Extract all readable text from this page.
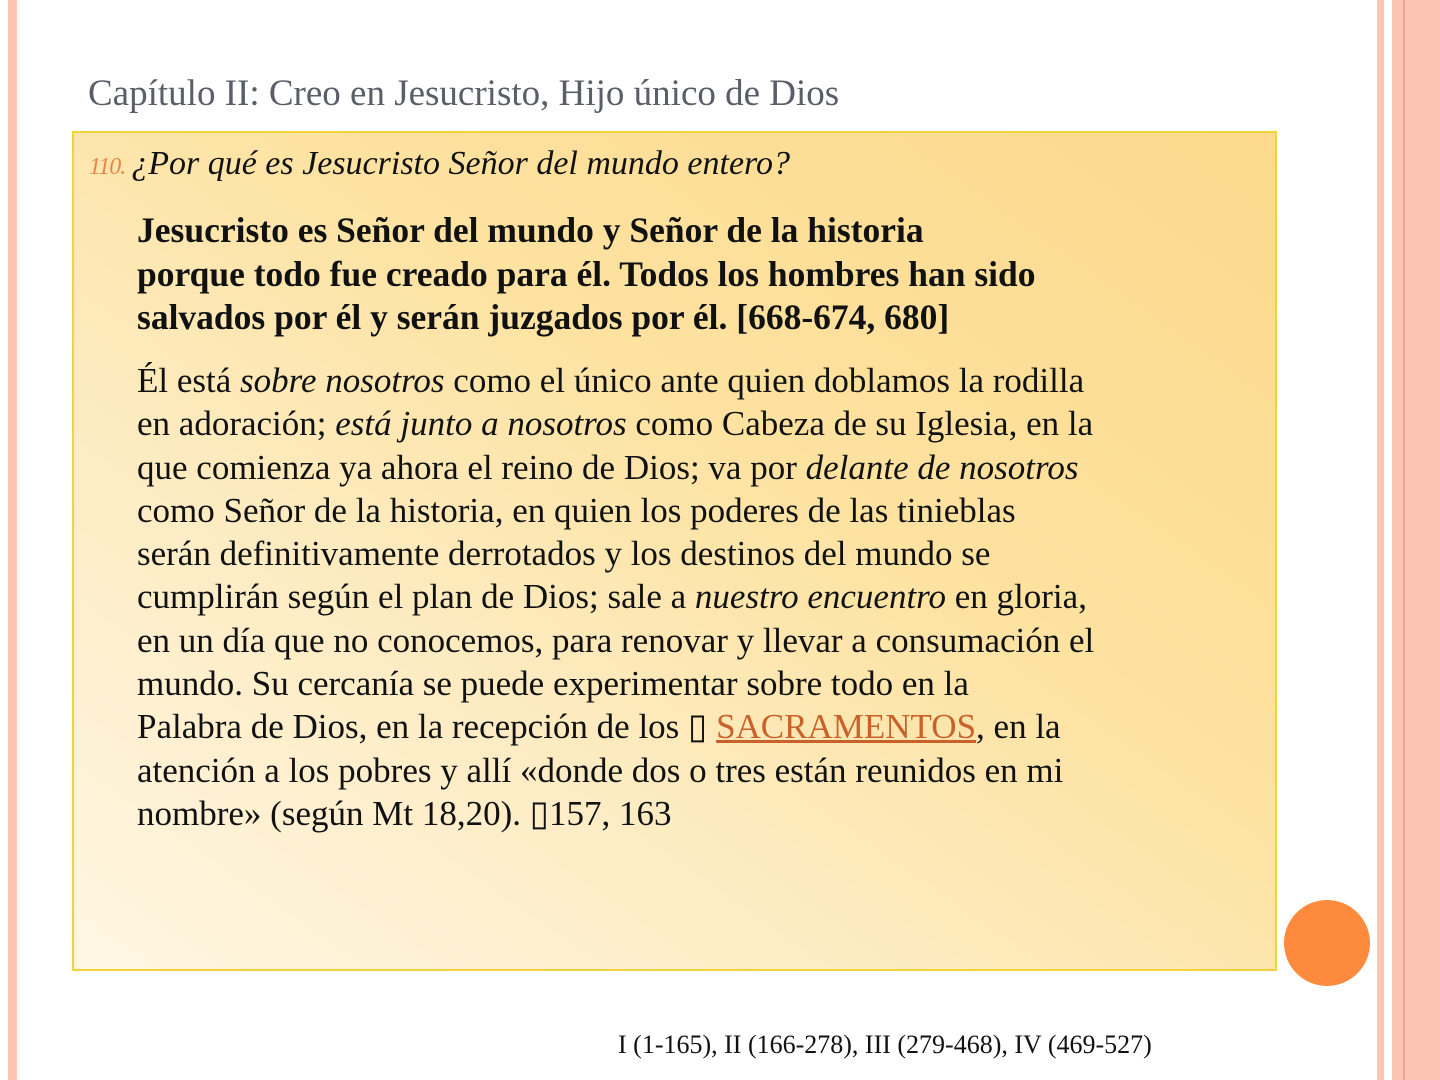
Capítulo II: Creo en Jesucristo, Hijo único de Dios
110. ¿Por qué es Jesucristo Señor del mundo entero?
Jesucristo es Señor del mundo y Señor de la historia
porque todo fue creado para él. Todos los hombres han sido
salvados por él y serán juzgados por él. [668-674, 680]
Él está sobre nosotros como el único ante quien doblamos la rodilla
en adoración; está junto a nosotros como Cabeza de su Iglesia, en la
que comienza ya ahora el reino de Dios; va por delante de nosotros
como Señor de la historia, en quien los poderes de las tinieblas
serán definitivamente derrotados y los destinos del mundo se
cumplirán según el plan de Dios; sale a nuestro encuentro en gloria,
en un día que no conocemos, para renovar y llevar a consumación el
mundo. Su cercanía se puede experimentar sobre todo en la
Palabra de Dios, en la recepción de los ▯ SACRAMENTOS, en la
atención a los pobres y allí «donde dos o tres están reunidos en mi
nombre» (según Mt 18,20). ▯157, 163
I (1-165), II (166-278), III (279-468), IV (469-527)
